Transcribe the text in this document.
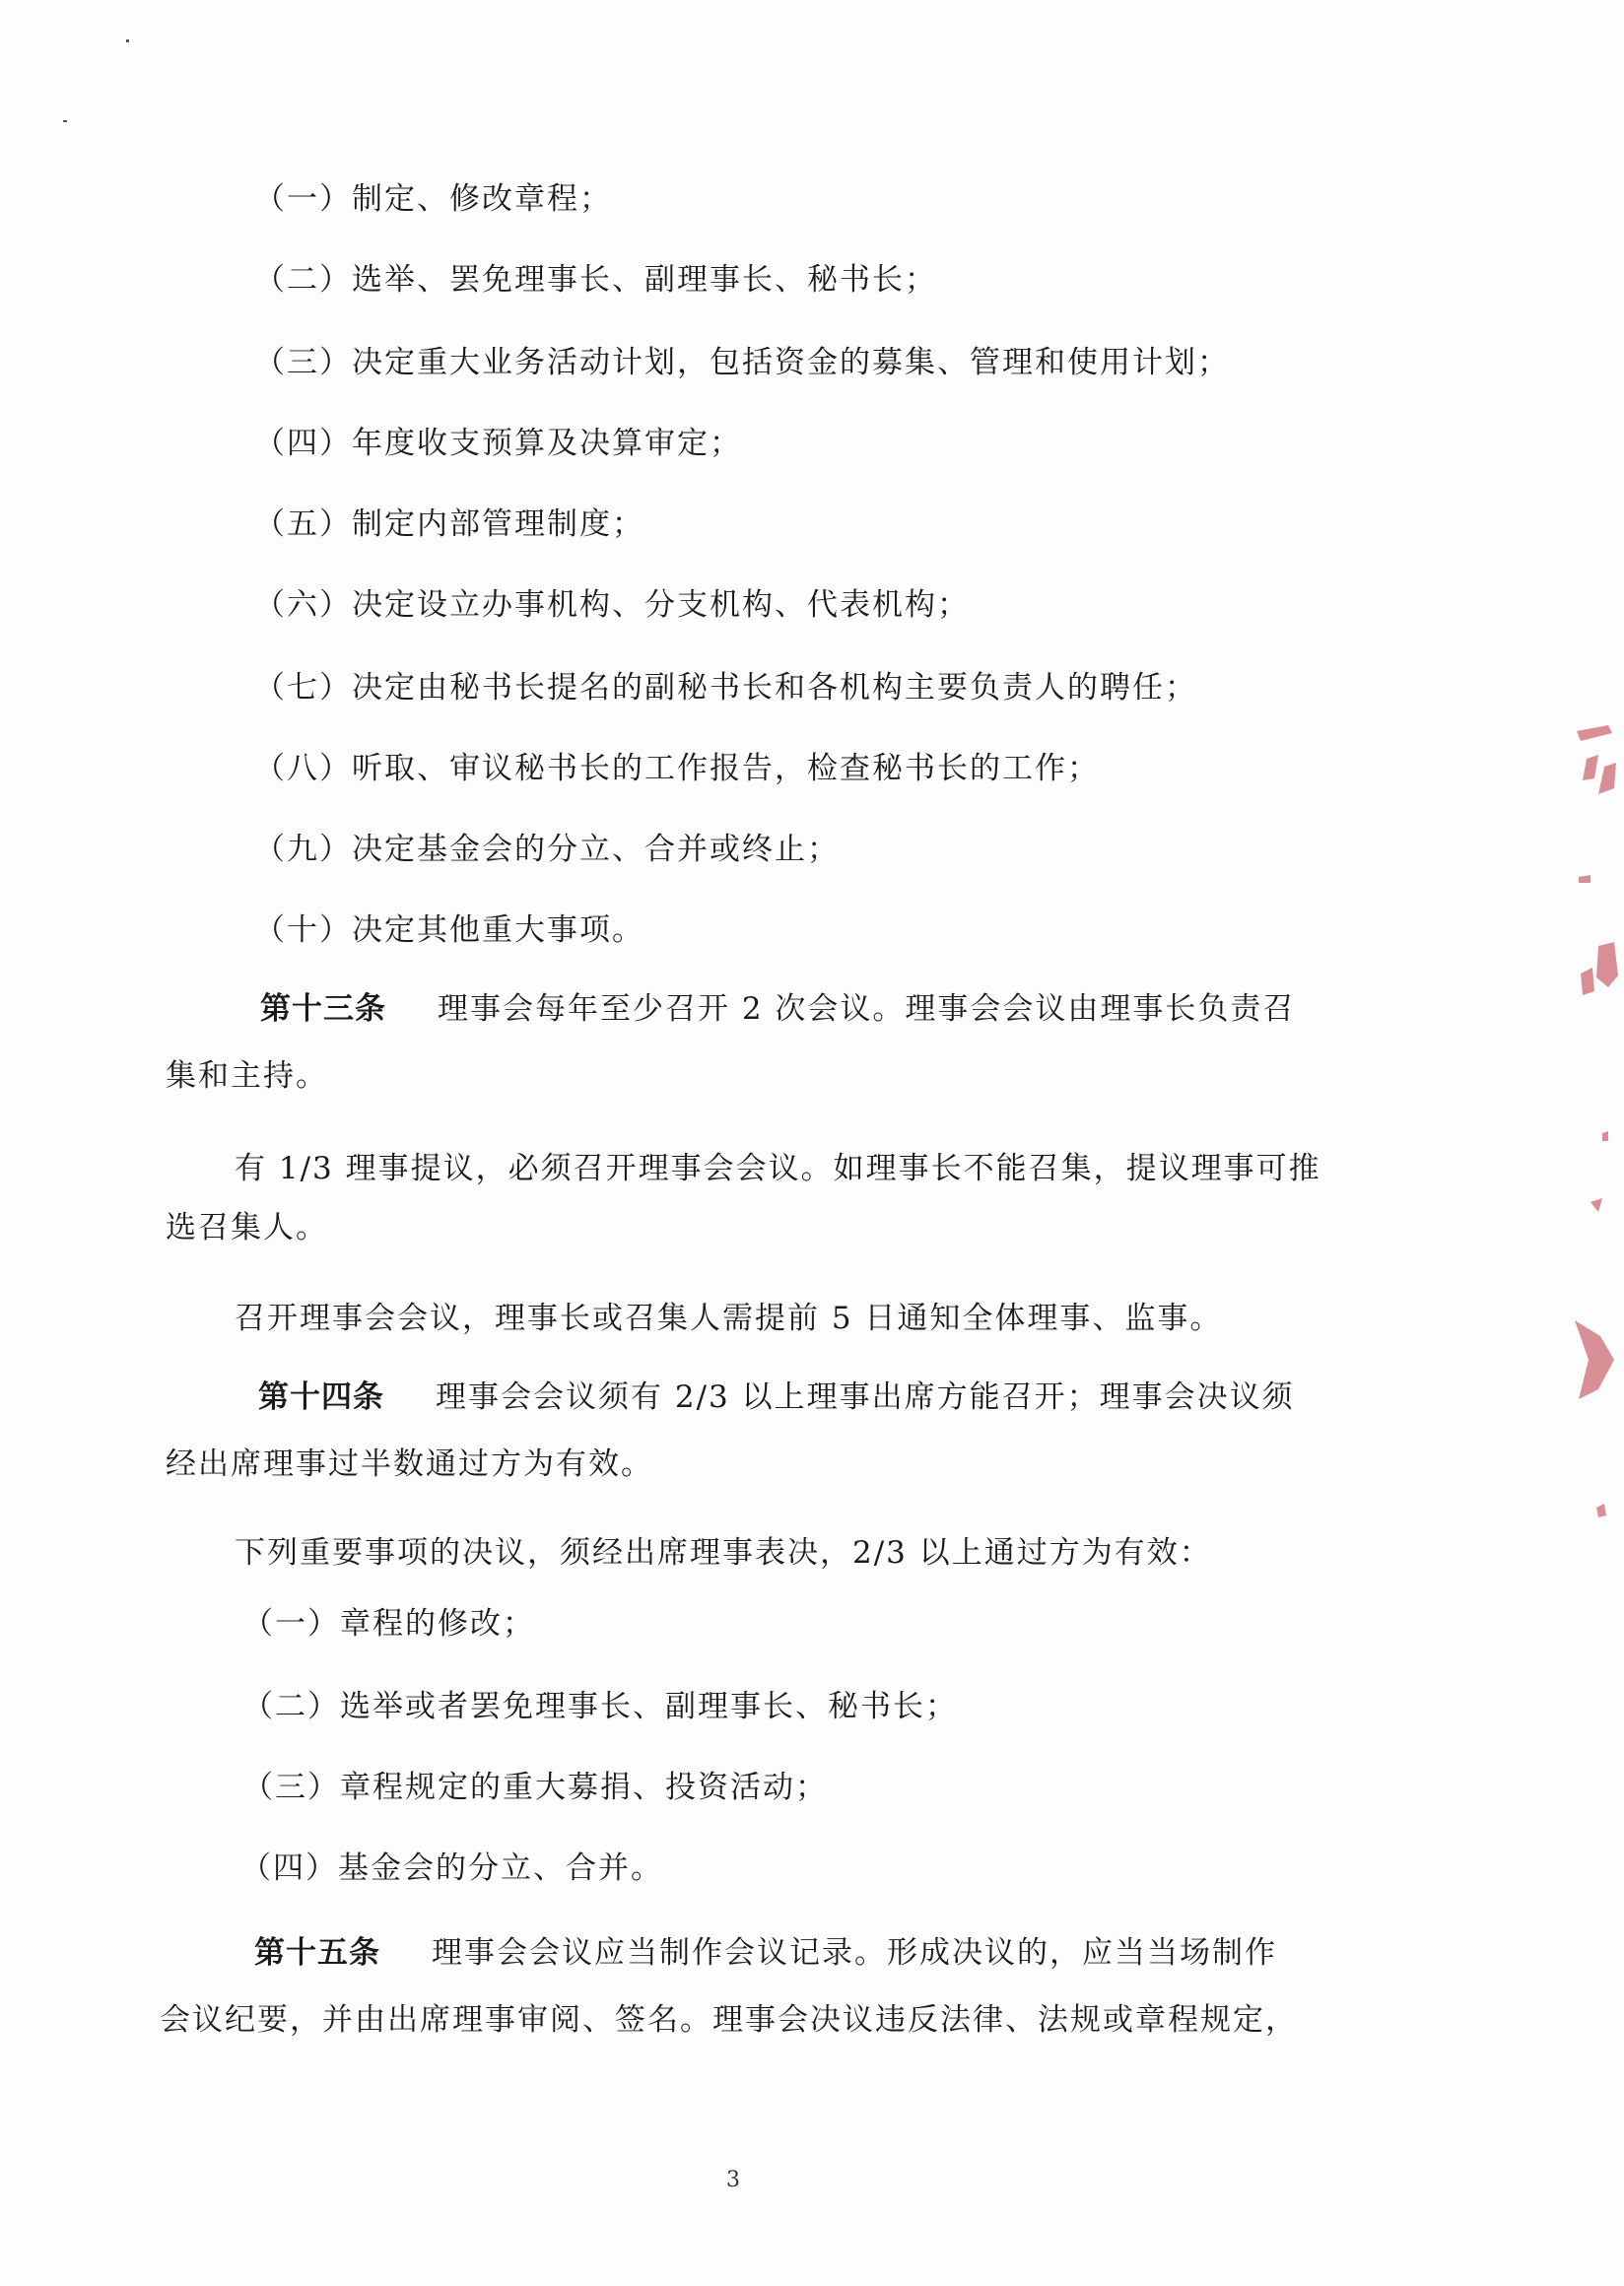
（一）制定、修改章程；
（二）选举、罢免理事长、副理事长、秘书长；
（三）决定重大业务活动计划，包括资金的募集、管理和使用计划；
（四）年度收支预算及决算审定；
（五）制定内部管理制度；
（六）决定设立办事机构、分支机构、代表机构；
（七）决定由秘书长提名的副秘书长和各机构主要负责人的聘任；
（八）听取、审议秘书长的工作报告，检查秘书长的工作；
（九）决定基金会的分立、合并或终止；
（十）决定其他重大事项。
第十三条 理事会每年至少召开 2 次会议。理事会会议由理事长负责召
集和主持。
有 1/3 理事提议，必须召开理事会会议。如理事长不能召集，提议理事可推
选召集人。
召开理事会会议，理事长或召集人需提前 5 日通知全体理事、监事。
第十四条 理事会会议须有 2/3 以上理事出席方能召开；理事会决议须
经出席理事过半数通过方为有效。
下列重要事项的决议，须经出席理事表决，2/3 以上通过方为有效：
（一）章程的修改；
（二）选举或者罢免理事长、副理事长、秘书长；
（三）章程规定的重大募捐、投资活动；
（四）基金会的分立、合并。
第十五条 理事会会议应当制作会议记录。形成决议的，应当当场制作
会议纪要，并由出席理事审阅、签名。理事会决议违反法律、法规或章程规定，
3
